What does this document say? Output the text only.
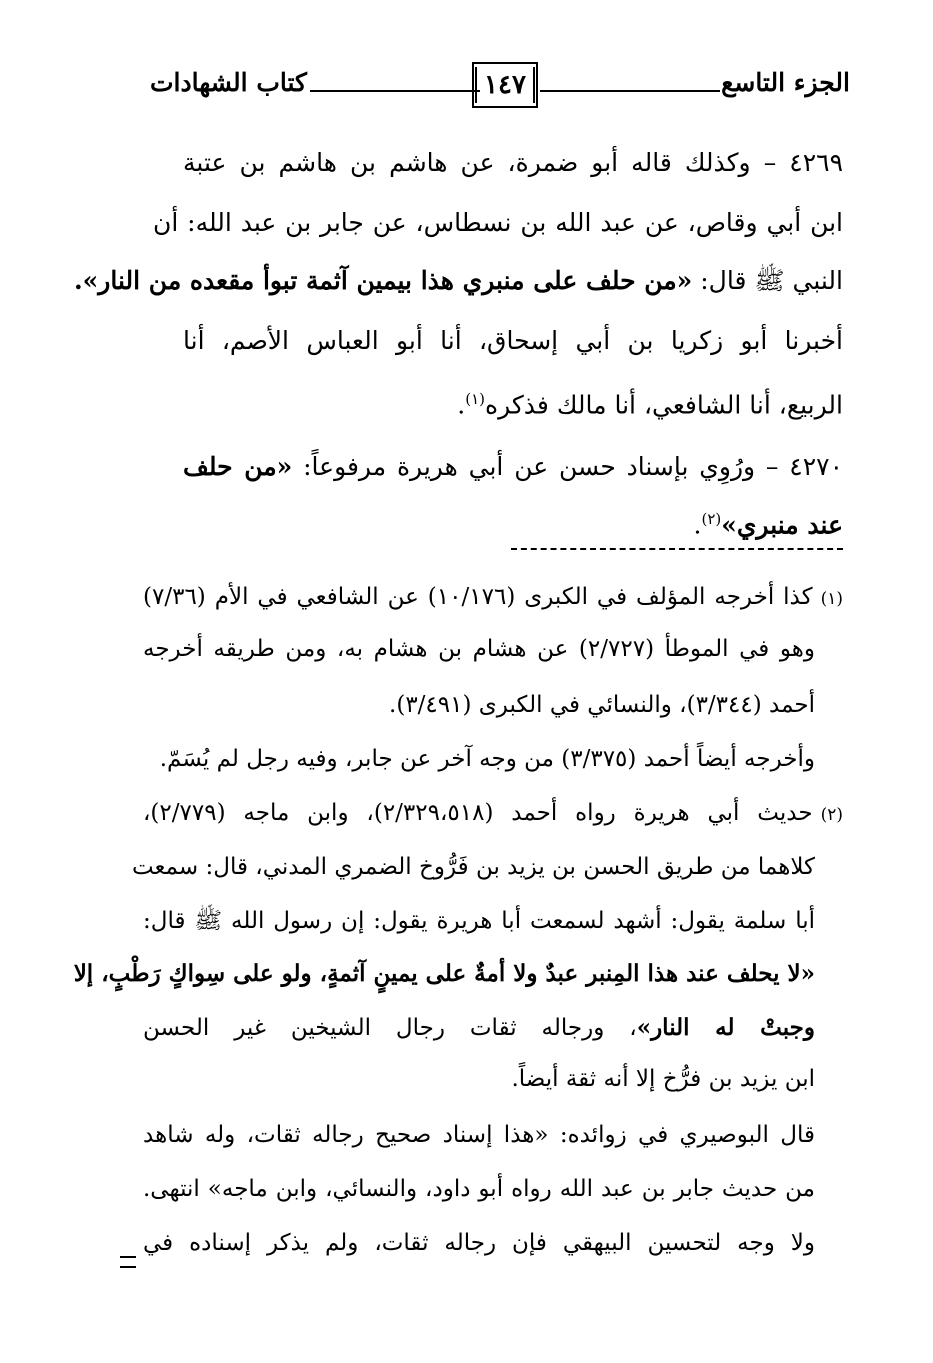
كتاب الشهادات	١٤٧	الجزء التاسع
٤٢٦٩ – وكذلك قاله أبو ضمرة، عن هاشم بن هاشم بن عتبة
ابن أبي وقاص، عن عبد الله بن نسطاس، عن جابر بن عبد الله: أن
النبي ﷺ قال: «من حلف على منبري هذا بيمين آثمة تبوأ مقعده من النار».
أخبرنا أبو زكريا بن أبي إسحاق، أنا أبو العباس الأصم، أنا
الربيع، أنا الشافعي، أنا مالك فذكره$^{(١)}$.
٤٢٧٠ – ورُوِي بإسناد حسن عن أبي هريرة مرفوعاً: «من حلف
عند منبري»$^{(٢)}$.
(١)كذا أخرجه المؤلف في الكبرى (١٠/١٧٦) عن الشافعي في الأم (٧/٣٦)
وهو في الموطأ (٢/٧٢٧) عن هشام بن هشام به، ومن طريقه أخرجه
أحمد (٣/٣٤٤)، والنسائي في الكبرى (٣/٤٩١).
وأخرجه أيضاً أحمد (٣/٣٧٥) من وجه آخر عن جابر، وفيه رجل لم يُسَمّ.
(٢)حديث أبي هريرة رواه أحمد (٢/٣٢٩،٥١٨)، وابن ماجه (٢/٧٧٩)،
كلاهما من طريق الحسن بن يزيد بن فَرُّوخ الضمري المدني، قال: سمعت
أبا سلمة يقول: أشهد لسمعت أبا هريرة يقول: إن رسول الله ﷺ قال:
«لا يحلف عند هذا المِنبر عبدٌ ولا أمةٌ على يمينٍ آثمةٍ، ولو على سِواكٍ رَطْبٍ، إلا
وجبتْ له النار»، ورجاله ثقات رجال الشيخين غير الحسن
ابن يزيد بن فرُّخ إلا أنه ثقة أيضاً.
قال البوصيري في زوائده: «هذا إسناد صحيح رجاله ثقات، وله شاهد
من حديث جابر بن عبد الله رواه أبو داود، والنسائي، وابن ماجه» انتهى.
ولا وجه لتحسين البيهقي فإن رجاله ثقات، ولم يذكر إسناده في
